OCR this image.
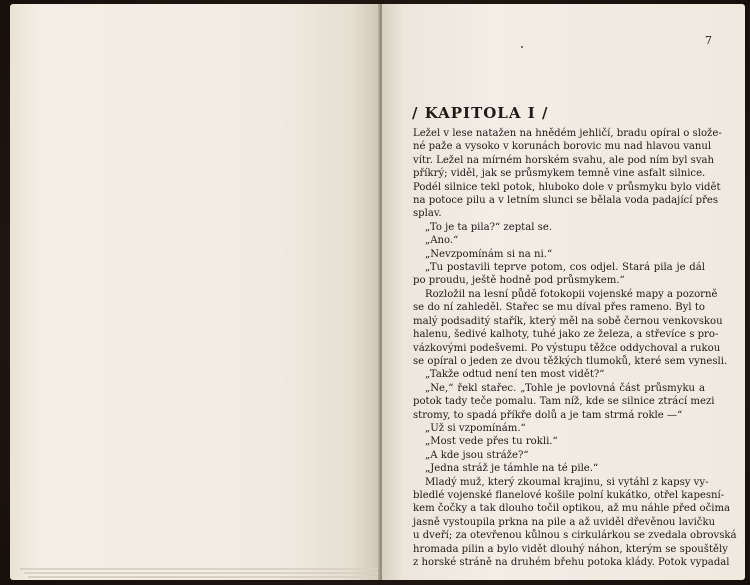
7
/ KAPITOLA I /
Ležel v lese natažen na hnědém jehličí, bradu opíral o slože-
né paže a vysoko v korunách borovic mu nad hlavou vanul
vítr. Ležel na mírném horském svahu, ale pod ním byl svah
příkrý; viděl, jak se průsmykem temně vine asfalt silnice.
Podél silnice tekl potok, hluboko dole v průsmyku bylo vidět
na potoce pilu a v letním slunci se bělala voda padající přes
splav.
„To je ta pila?“ zeptal se.
„Ano.“
„Nevzpomínám si na ni.“
„Tu postavili teprve potom, cos odjel. Stará pila je dál
po proudu, ještě hodně pod průsmykem.“
Rozložil na lesní půdě fotokopii vojenské mapy a pozorně
se do ní zahleděl. Stařec se mu díval přes rameno. Byl to
malý podsaditý stařík, který měl na sobě černou venkovskou
halenu, šedivé kalhoty, tuhé jako ze železa, a střevíce s pro-
vázkovými podešvemi. Po výstupu těžce oddychoval a rukou
se opíral o jeden ze dvou těžkých tlumoků, které sem vynesli.
„Takže odtud není ten most vidět?“
„Ne,“ řekl stařec. „Tohle je povlovná část průsmyku a
potok tady teče pomalu. Tam níž, kde se silnice ztrácí mezi
stromy, to spadá příkře dolů a je tam strmá rokle —“
„Už si vzpomínám.“
„Most vede přes tu rokli.“
„A kde jsou stráže?“
„Jedna stráž je támhle na té pile.“
Mladý muž, který zkoumal krajinu, si vytáhl z kapsy vy-
bledlé vojenské flanelové košile polní kukátko, otřel kapesní-
kem čočky a tak dlouho točil optikou, až mu náhle před očima
jasně vystoupila prkna na pile a až uviděl dřevěnou lavičku
u dveří; za otevřenou kůlnou s cirkulárkou se zvedala obrovská
hromada pilin a bylo vidět dlouhý náhon, kterým se spouštěly
z horské stráně na druhém břehu potoka klády. Potok vypadal
